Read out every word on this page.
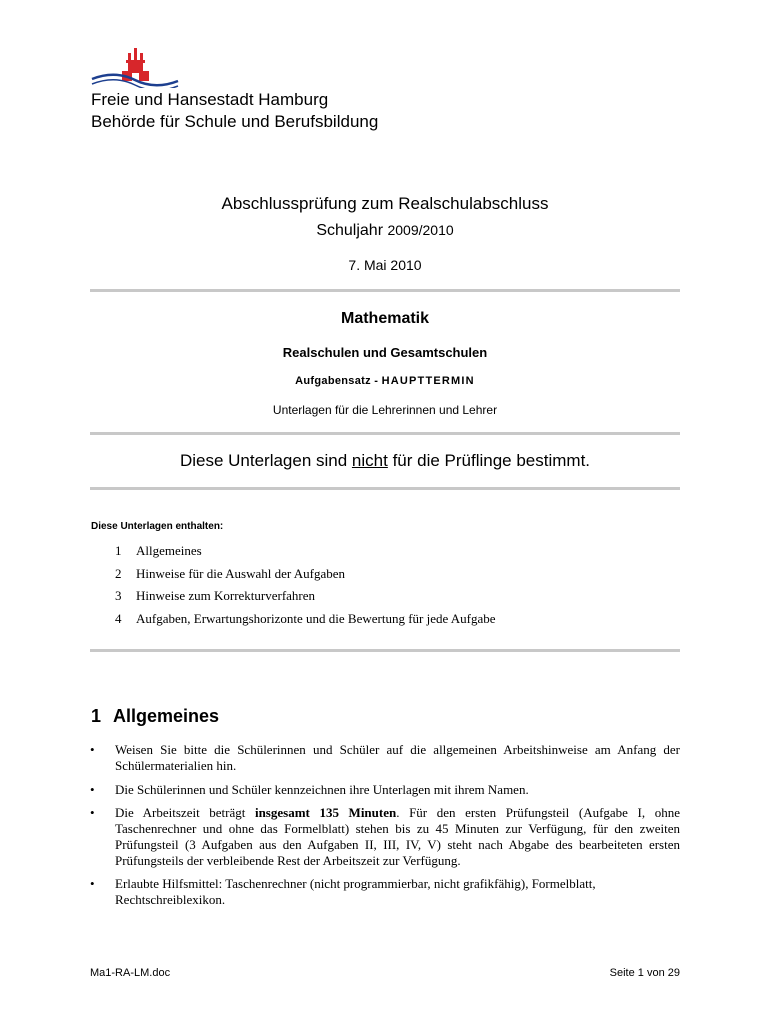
Freie und Hansestadt Hamburg
Behörde für Schule und Berufsbildung
Abschlussprüfung zum Realschulabschluss
Schuljahr 2009/2010
7. Mai 2010
Mathematik
Realschulen und Gesamtschulen
Aufgabensatz - HAUPTTERMIN
Unterlagen für die Lehrerinnen und Lehrer
Diese Unterlagen sind nicht für die Prüflinge bestimmt.
Diese Unterlagen enthalten:
1 Allgemeines
2 Hinweise für die Auswahl der Aufgaben
3 Hinweise zum Korrekturverfahren
4 Aufgaben, Erwartungshorizonte und die Bewertung für jede Aufgabe
1 Allgemeines
•	Weisen Sie bitte die Schülerinnen und Schüler auf die allgemeinen Arbeitshinweise am Anfang der Schülermaterialien hin.
•	Die Schülerinnen und Schüler kennzeichnen ihre Unterlagen mit ihrem Namen.
•	Die Arbeitszeit beträgt insgesamt 135 Minuten. Für den ersten Prüfungsteil (Aufgabe I, ohne Taschenrechner und ohne das Formelblatt) stehen bis zu 45 Minuten zur Verfügung, für den zweiten Prüfungsteil (3 Aufgaben aus den Aufgaben II, III, IV, V) steht nach Abgabe des bearbeiteten ersten Prüfungsteils der verbleibende Rest der Arbeitszeit zur Verfügung.
•	Erlaubte Hilfsmittel: Taschenrechner (nicht programmierbar, nicht grafikfähig), Formelblatt, Rechtschreiblexikon.
Ma1-RA-LM.doc	Seite 1 von 29
